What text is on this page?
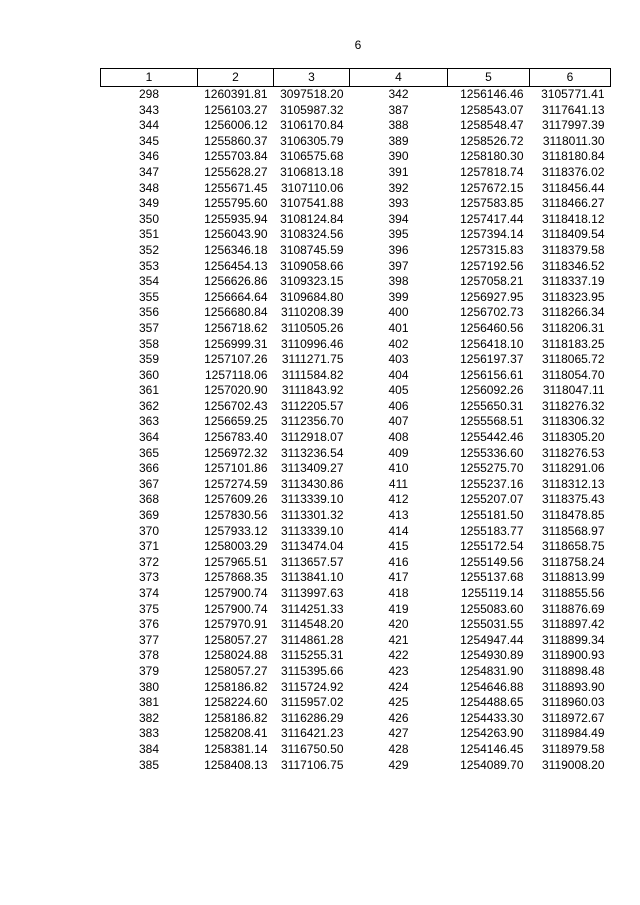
6
1	2	3	4	5	6
298	1260391.81	3097518.20	342	1256146.46	3105771.41
343	1256103.27	3105987.32	387	1258543.07	3117641.13
344	1256006.12	3106170.84	388	1258548.47	3117997.39
345	1255860.37	3106305.79	389	1258526.72	3118011.30
346	1255703.84	3106575.68	390	1258180.30	3118180.84
347	1255628.27	3106813.18	391	1257818.74	3118376.02
348	1255671.45	3107110.06	392	1257672.15	3118456.44
349	1255795.60	3107541.88	393	1257583.85	3118466.27
350	1255935.94	3108124.84	394	1257417.44	3118418.12
351	1256043.90	3108324.56	395	1257394.14	3118409.54
352	1256346.18	3108745.59	396	1257315.83	3118379.58
353	1256454.13	3109058.66	397	1257192.56	3118346.52
354	1256626.86	3109323.15	398	1257058.21	3118337.19
355	1256664.64	3109684.80	399	1256927.95	3118323.95
356	1256680.84	3110208.39	400	1256702.73	3118266.34
357	1256718.62	3110505.26	401	1256460.56	3118206.31
358	1256999.31	3110996.46	402	1256418.10	3118183.25
359	1257107.26	3111271.75	403	1256197.37	3118065.72
360	1257118.06	3111584.82	404	1256156.61	3118054.70
361	1257020.90	3111843.92	405	1256092.26	3118047.11
362	1256702.43	3112205.57	406	1255650.31	3118276.32
363	1256659.25	3112356.70	407	1255568.51	3118306.32
364	1256783.40	3112918.07	408	1255442.46	3118305.20
365	1256972.32	3113236.54	409	1255336.60	3118276.53
366	1257101.86	3113409.27	410	1255275.70	3118291.06
367	1257274.59	3113430.86	411	1255237.16	3118312.13
368	1257609.26	3113339.10	412	1255207.07	3118375.43
369	1257830.56	3113301.32	413	1255181.50	3118478.85
370	1257933.12	3113339.10	414	1255183.77	3118568.97
371	1258003.29	3113474.04	415	1255172.54	3118658.75
372	1257965.51	3113657.57	416	1255149.56	3118758.24
373	1257868.35	3113841.10	417	1255137.68	3118813.99
374	1257900.74	3113997.63	418	1255119.14	3118855.56
375	1257900.74	3114251.33	419	1255083.60	3118876.69
376	1257970.91	3114548.20	420	1255031.55	3118897.42
377	1258057.27	3114861.28	421	1254947.44	3118899.34
378	1258024.88	3115255.31	422	1254930.89	3118900.93
379	1258057.27	3115395.66	423	1254831.90	3118898.48
380	1258186.82	3115724.92	424	1254646.88	3118893.90
381	1258224.60	3115957.02	425	1254488.65	3118960.03
382	1258186.82	3116286.29	426	1254433.30	3118972.67
383	1258208.41	3116421.23	427	1254263.90	3118984.49
384	1258381.14	3116750.50	428	1254146.45	3118979.58
385	1258408.13	3117106.75	429	1254089.70	3119008.20
